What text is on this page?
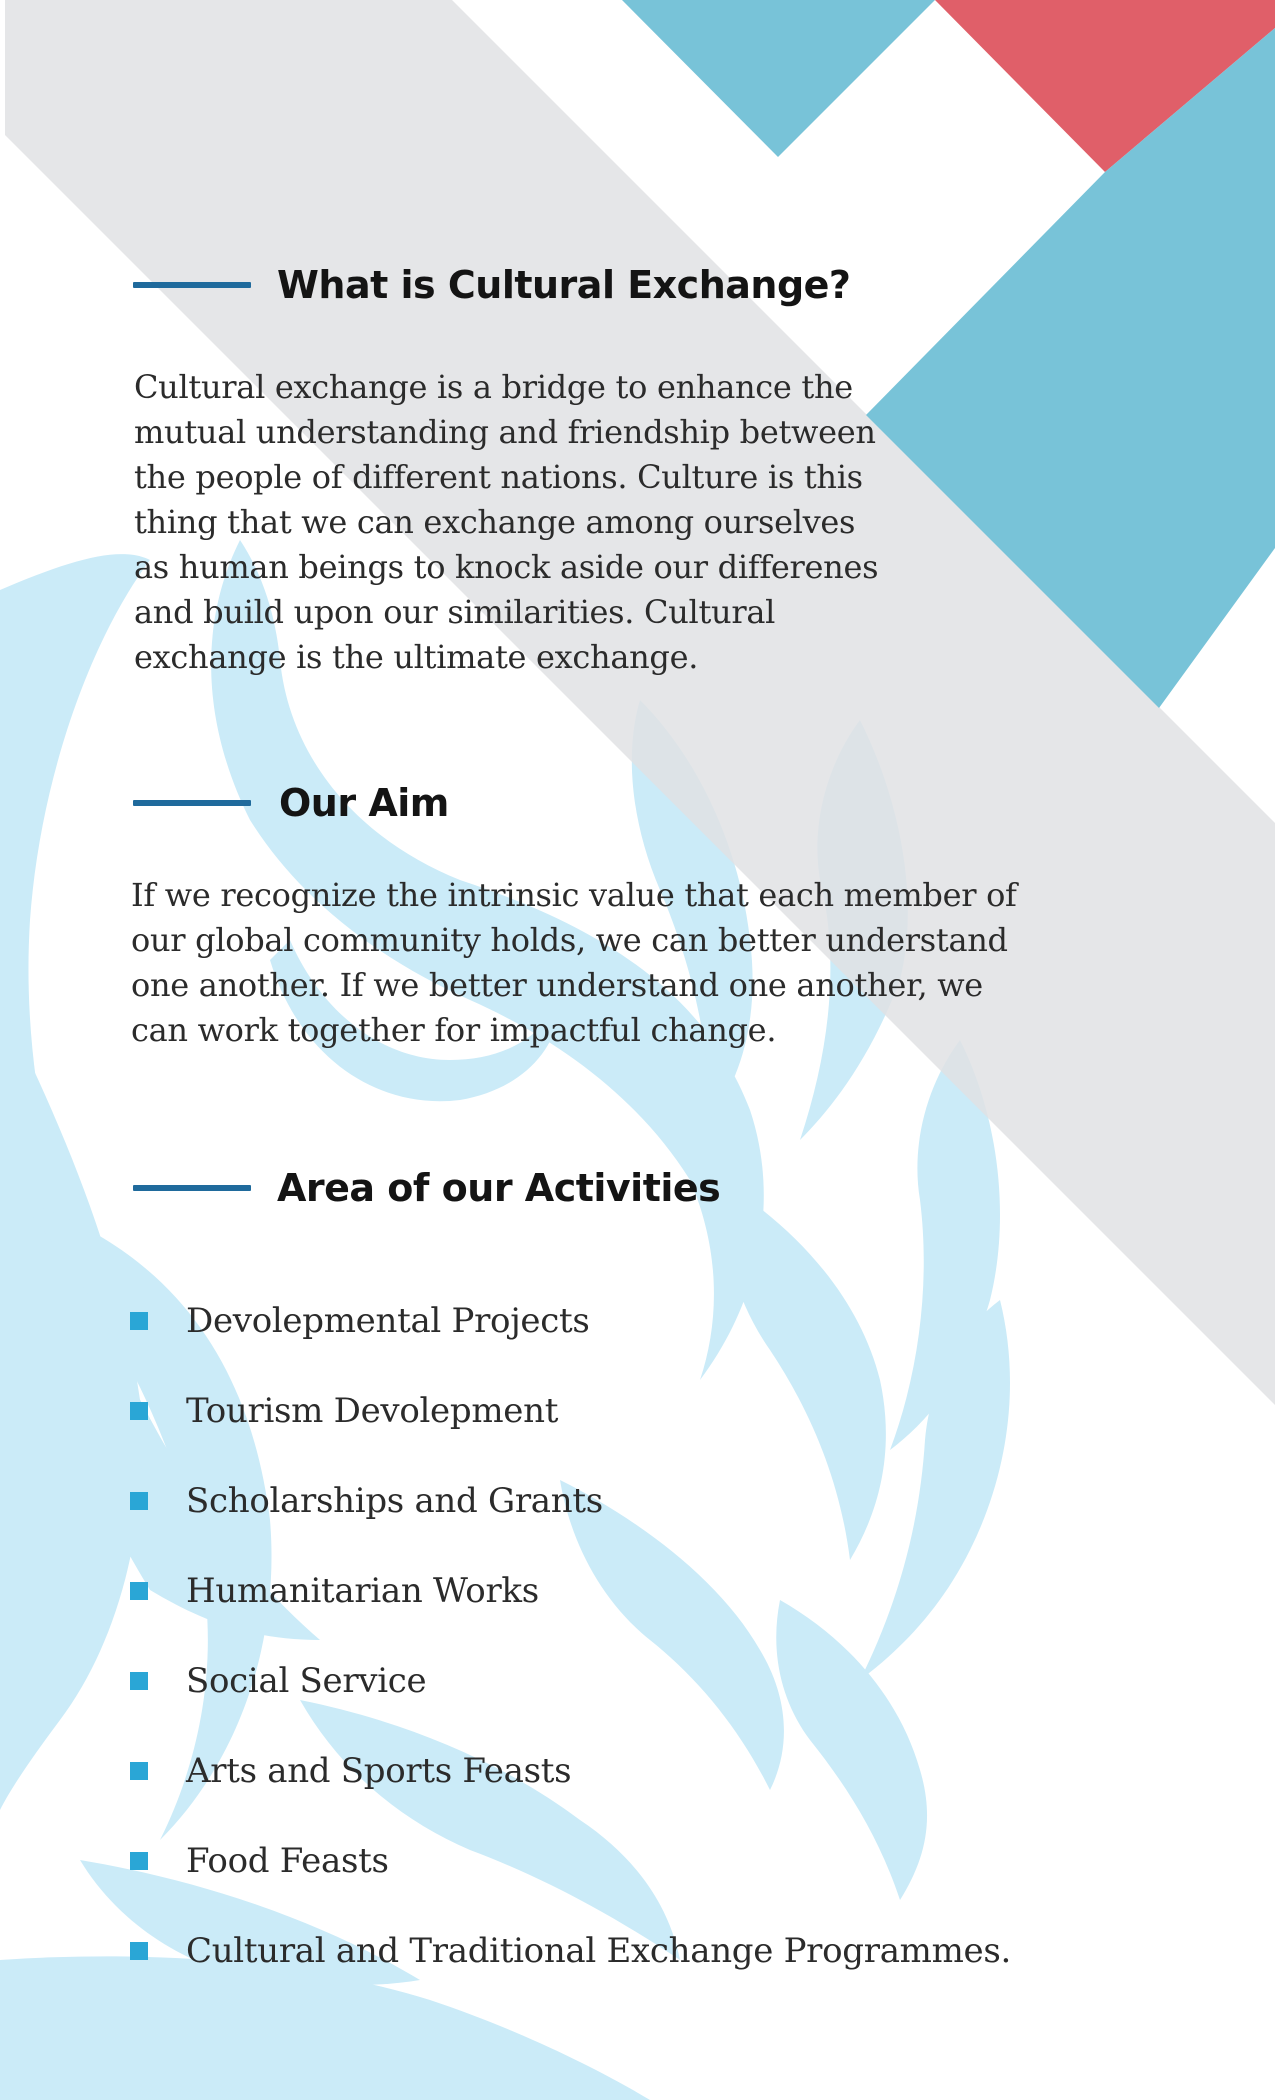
What is Cultural Exchange?

Cultural exchange is a bridge to enhance the
mutual understanding and friendship between
the people of different nations. Culture is this
thing that we can exchange among ourselves
as human beings to knock aside our differenes
and build upon our similarities. Cultural
exchange is the ultimate exchange.

Our Aim

If we recognize the intrinsic value that each member of
our global community holds, we can better understand
one another. If we better understand one another, we
can work together for impactful change.

Area of our Activities
Devolepmental Projects
Tourism Devolepment
Scholarships and Grants
Humanitarian Works
Social Service
Arts and Sports Feasts
Food Feasts
Cultural and Traditional Exchange Programmes.
